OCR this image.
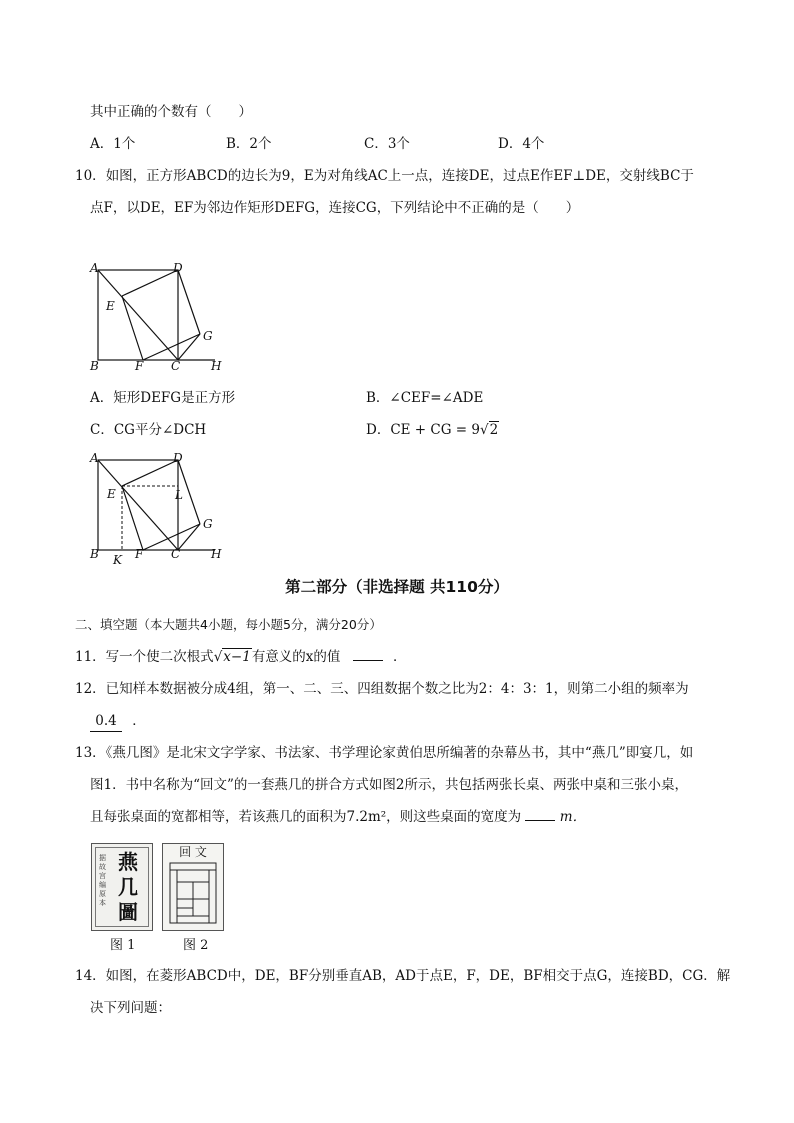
其中正确的个数有（　　）
A．1个	B．2个	C．3个	D．4个
10．如图，正方形ABCD的边长为9，E为对角线AC上一点，连接DE，过点E作EF⊥DE，交射线BC于
点F，以DE，EF为邻边作矩形DEFG，连接CG，下列结论中不正确的是（　　）
A	D
E
G
B	F C	H
A．矩形DEFG是正方形	B．∠CEF=∠ADE
C．CG平分∠DCH	D．CE + CG = 9√2
A	D
E	L
G
B K F C	H
第二部分（非选择题 共110分）
二、填空题（本大题共4小题，每小题5分，满分20分）
11．写一个使二次根式√x−1有意义的x的值	．
12．已知样本数据被分成4组，第一、二、三、四组数据个数之比为2：4：3：1，则第二小组的频率为
0.4 ．
13．《燕几图》是北宋文字学家、书法家、书学理论家黄伯思所编著的杂幕丛书，其中“燕几”即宴几，如
图1．书中名称为“回文”的一套燕几的拼合方式如图2所示，共包括两张长桌、两张中桌和三张小桌，
且每张桌面的宽都相等，若该燕几的面积为7.2m²，则这些桌面的宽度为	m．
据 故 宫 编 原 本
燕几圖
图 1
回 文
图 2
14．如图，在菱形ABCD中，DE，BF分别垂直AB，AD于点E，F，DE，BF相交于点G，连接BD，CG．解
决下列问题：
